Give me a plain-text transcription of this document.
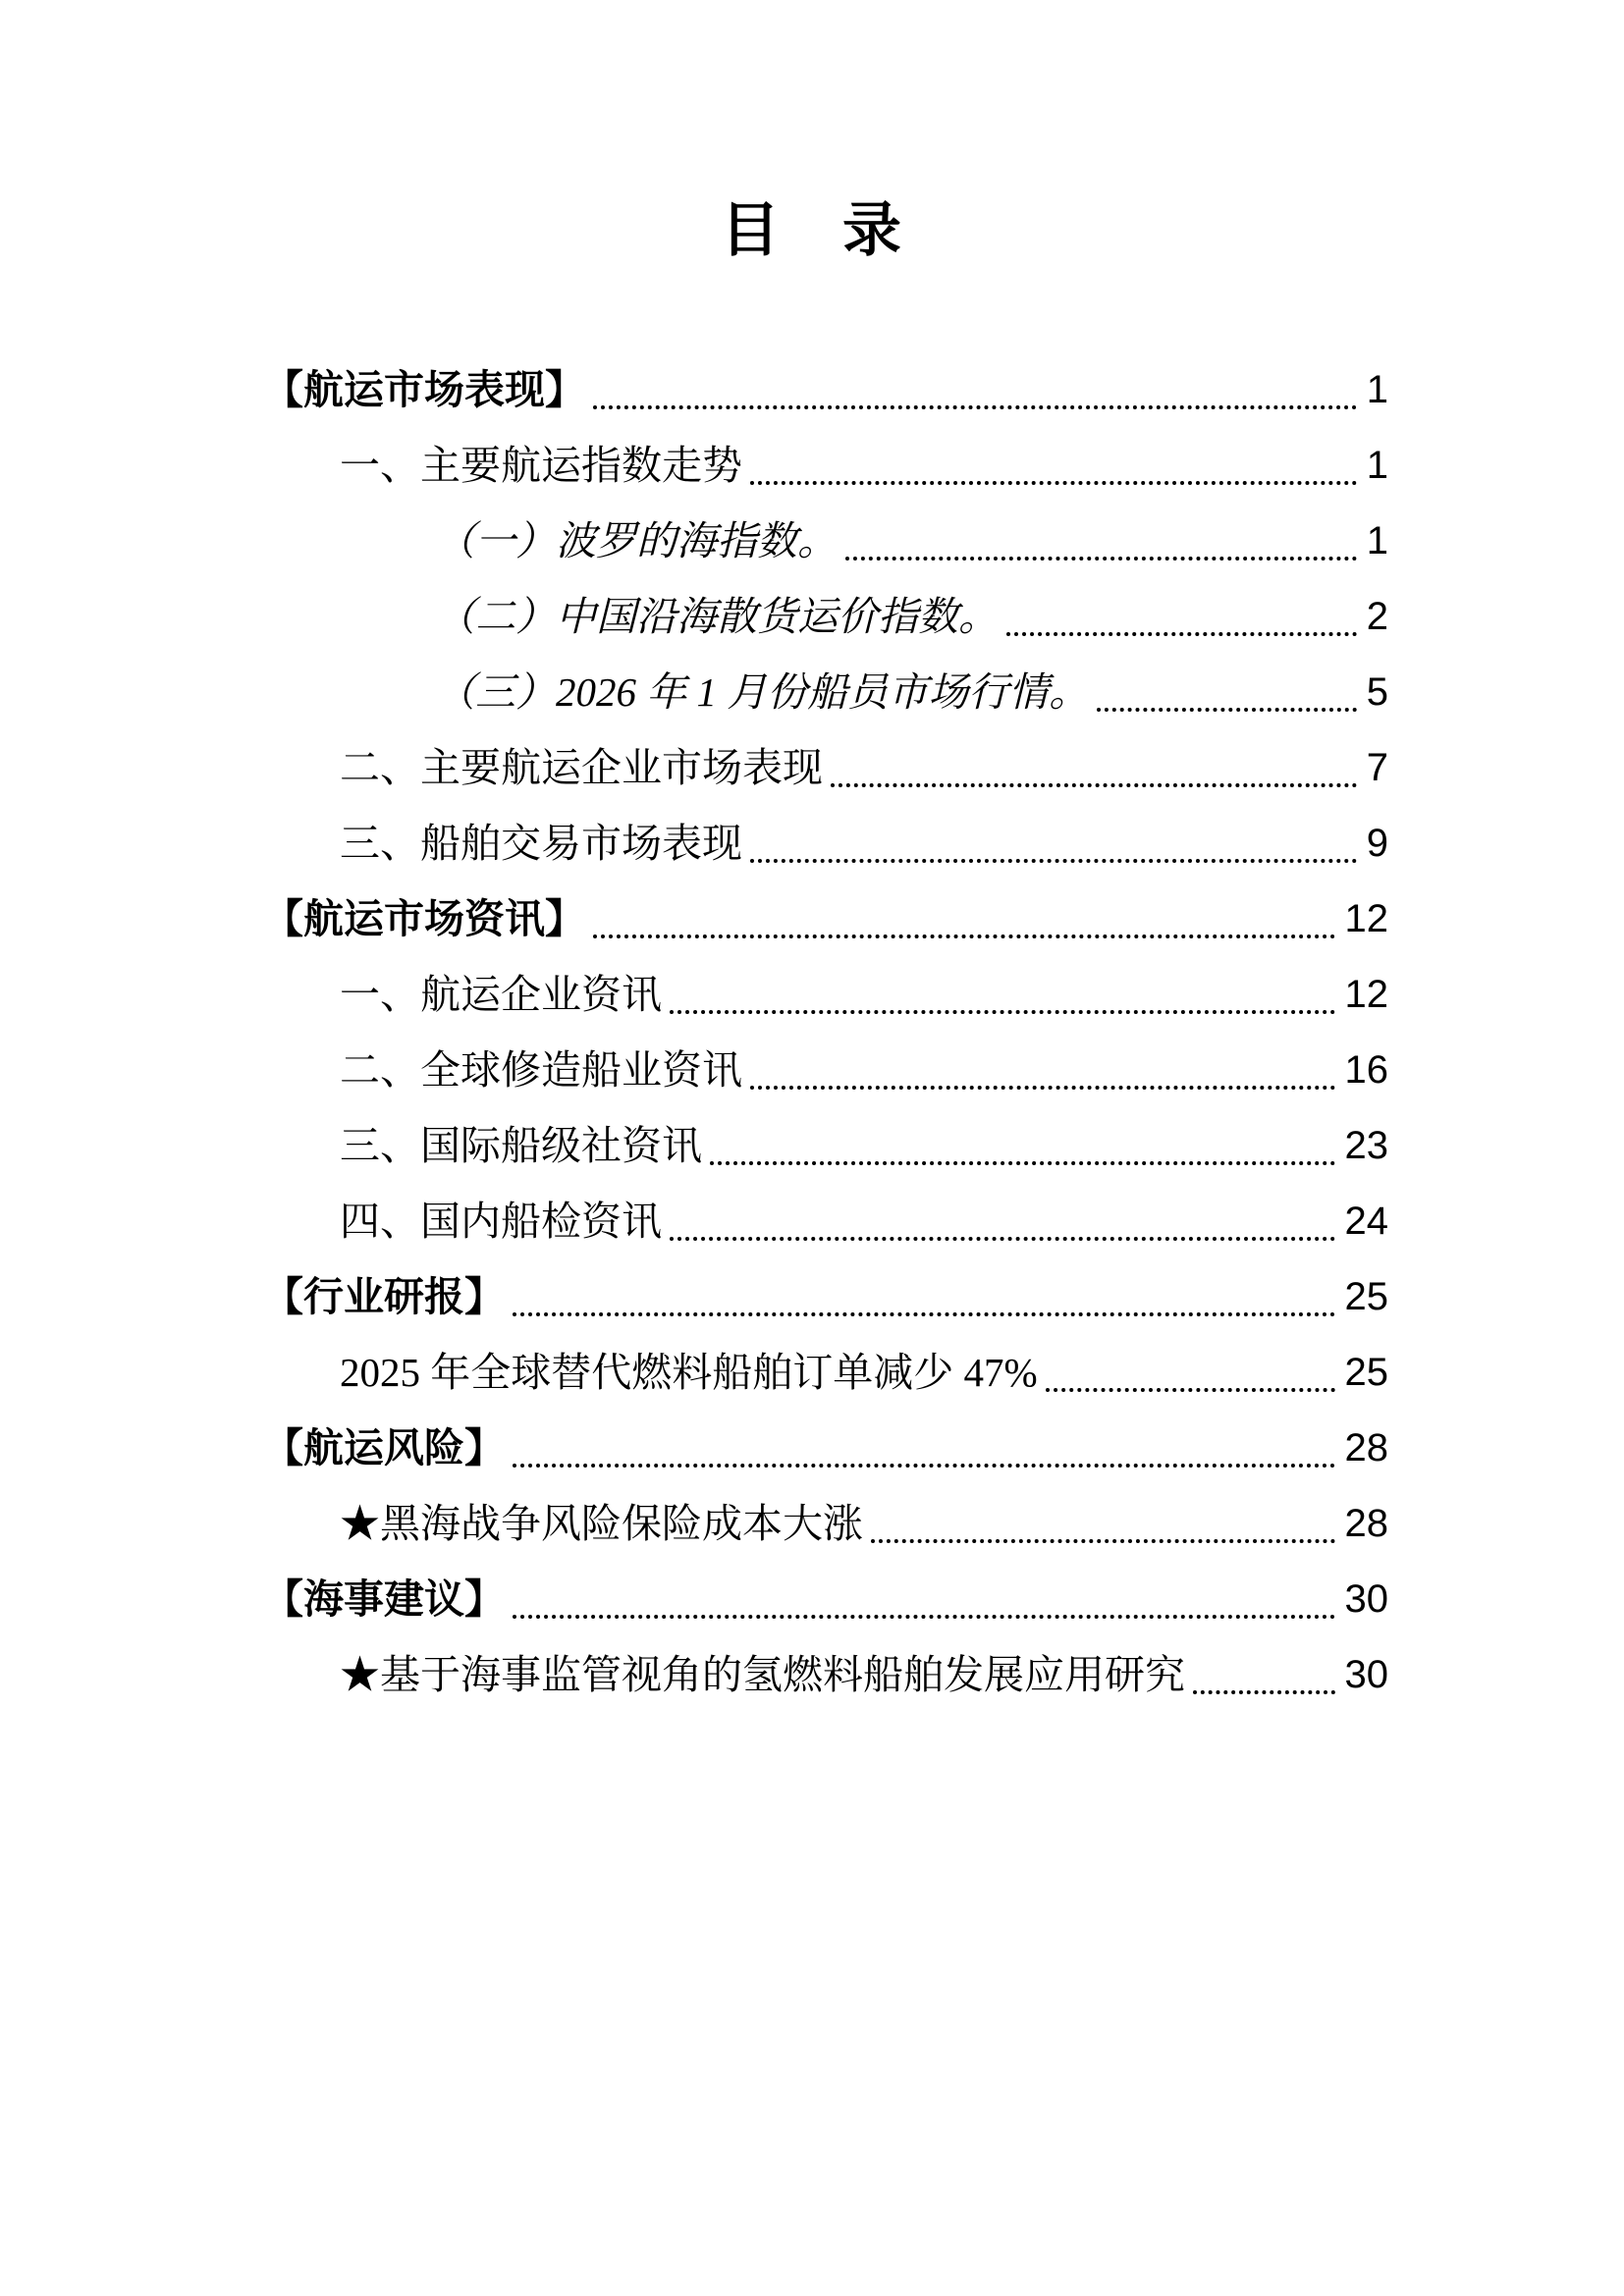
目　录
【航运市场表现】	1
一、主要航运指数走势	1
（一）波罗的海指数。	1
（二）中国沿海散货运价指数。	2
（三）2026 年 1 月份船员市场行情。	5
二、主要航运企业市场表现	7
三、船舶交易市场表现	9
【航运市场资讯】	12
一、航运企业资讯	12
二、全球修造船业资讯	16
三、国际船级社资讯	23
四、国内船检资讯	24
【行业研报】	25
2025 年全球替代燃料船舶订单减少 47%	25
【航运风险】	28
★黑海战争风险保险成本大涨	28
【海事建议】	30
★基于海事监管视角的氢燃料船舶发展应用研究	30
